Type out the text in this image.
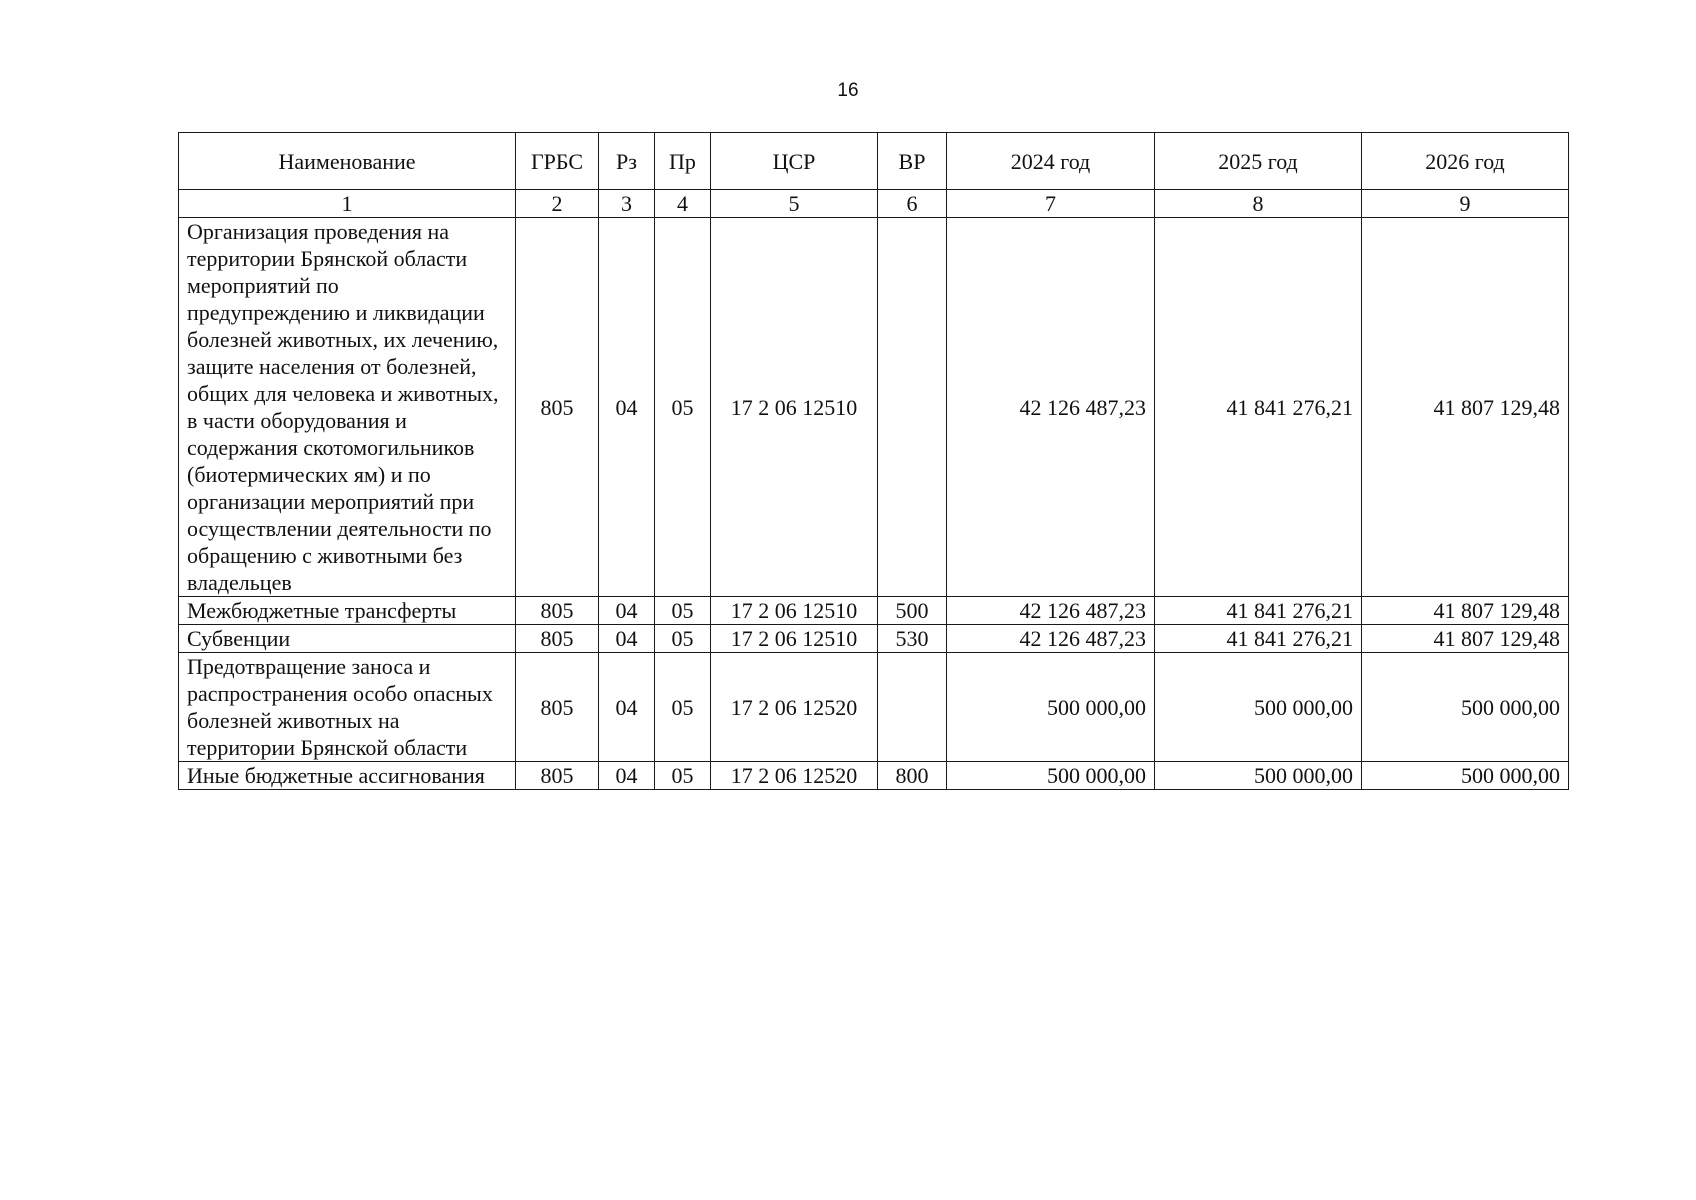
16
Наименование	ГРБС	Рз	Пр	ЦСР	ВР	2024 год	2025 год	2026 год
1	2	3	4	5	6	7	8	9
Организация проведения на территории Брянской области мероприятий по предупреждению и ликвидации болезней животных, их лечению, защите населения от болезней, общих для человека и животных, в части оборудования и содержания скотомогильников (биотермических ям) и по организации мероприятий при осуществлении деятельности по обращению с животными без владельцев	805	04	05	17 2 06 12510		42 126 487,23	41 841 276,21	41 807 129,48
Межбюджетные трансферты	805	04	05	17 2 06 12510	500	42 126 487,23	41 841 276,21	41 807 129,48
Субвенции	805	04	05	17 2 06 12510	530	42 126 487,23	41 841 276,21	41 807 129,48
Предотвращение заноса и распространения особо опасных болезней животных на территории Брянской области	805	04	05	17 2 06 12520		500 000,00	500 000,00	500 000,00
Иные бюджетные ассигнования	805	04	05	17 2 06 12520	800	500 000,00	500 000,00	500 000,00
